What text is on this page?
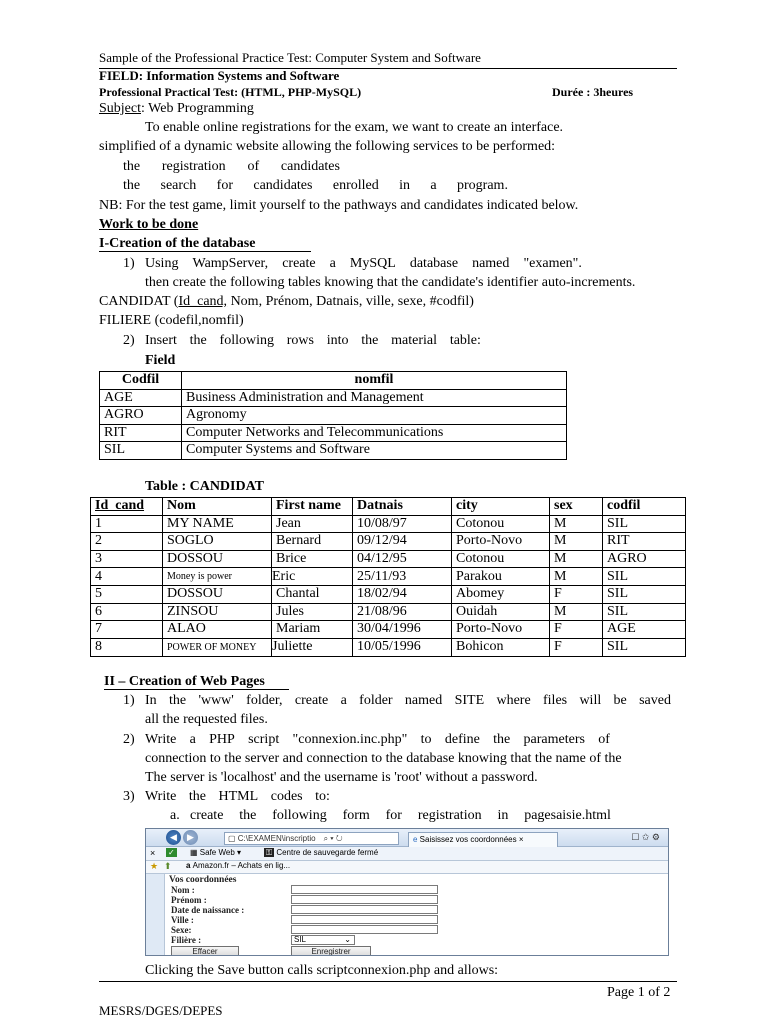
Sample of the Professional Practice Test: Computer System and Software
FIELD: Information Systems and Software
Professional Practical Test: (HTML, PHP-MySQL)	Durée : 3heures
Subject: Web Programming
To enable online registrations for the exam, we want to create an interface.
simplified of a dynamic website allowing the following services to be performed:
the registration of candidates
the search for candidates enrolled in a program.
NB: For the test game, limit yourself to the pathways and candidates indicated below.
Work to be done
I-Creation of the database
1) Using WampServer, create a MySQL database named "examen".
then create the following tables knowing that the candidate's identifier auto-increments.
CANDIDAT (Id_cand, Nom, Prénom, Datnais, ville, sexe, #codfil)
FILIERE (codefil,nomfil)
2) Insert the following rows into the material table:
Field
Codfil	nomfil
AGE	Business Administration and Management
AGRO	Agronomy
RIT	Computer Networks and Telecommunications
SIL	Computer Systems and Software
Table : CANDIDAT
Id_cand	Nom	First name	Datnais	city	sex	codfil
1	MY NAME	Jean	10/08/97	Cotonou	M	SIL
2	SOGLO	Bernard	09/12/94	Porto-Novo	M	RIT
3	DOSSOU	Brice	04/12/95	Cotonou	M	AGRO
4	Money is power	Eric	25/11/93	Parakou	M	SIL
5	DOSSOU	Chantal	18/02/94	Abomey	F	SIL
6	ZINSOU	Jules	21/08/96	Ouidah	M	SIL
7	ALAO	Mariam	30/04/1996	Porto-Novo	F	AGE
8	POWER OF MONEY	Juliette	10/05/1996	Bohicon	F	SIL
II – Creation of Web Pages
1) In the 'www' folder, create a folder named SITE where files will be saved
all the requested files.
2) Write a PHP script "connexion.inc.php" to define the parameters of
connection to the server and connection to the database knowing that the name of the
The server is 'localhost' and the username is 'root' without a password.
3) Write the HTML codes to:
a. create the following form for registration in pagesaisie.html
◀	▶	▢ C:\EXAMEN\inscriptio ⌕ ▾ ↻	e Saisissez vos coordonnées ×	☐ ✩ ⚙
× ✓ ▦ Safe Web ▾	⚿ Centre de sauvegarde fermé
★ ⬆ a Amazon.fr – Achats en lig...
Vos coordonnées
Nom :
Prénom :
Date de naissance :
Ville :
Sexe:
Filière :	SIL	⌄
Effacer	Enregistrer
Clicking the Save button calls scriptconnexion.php and allows:
Page 1 of 2
MESRS/DGES/DEPES
